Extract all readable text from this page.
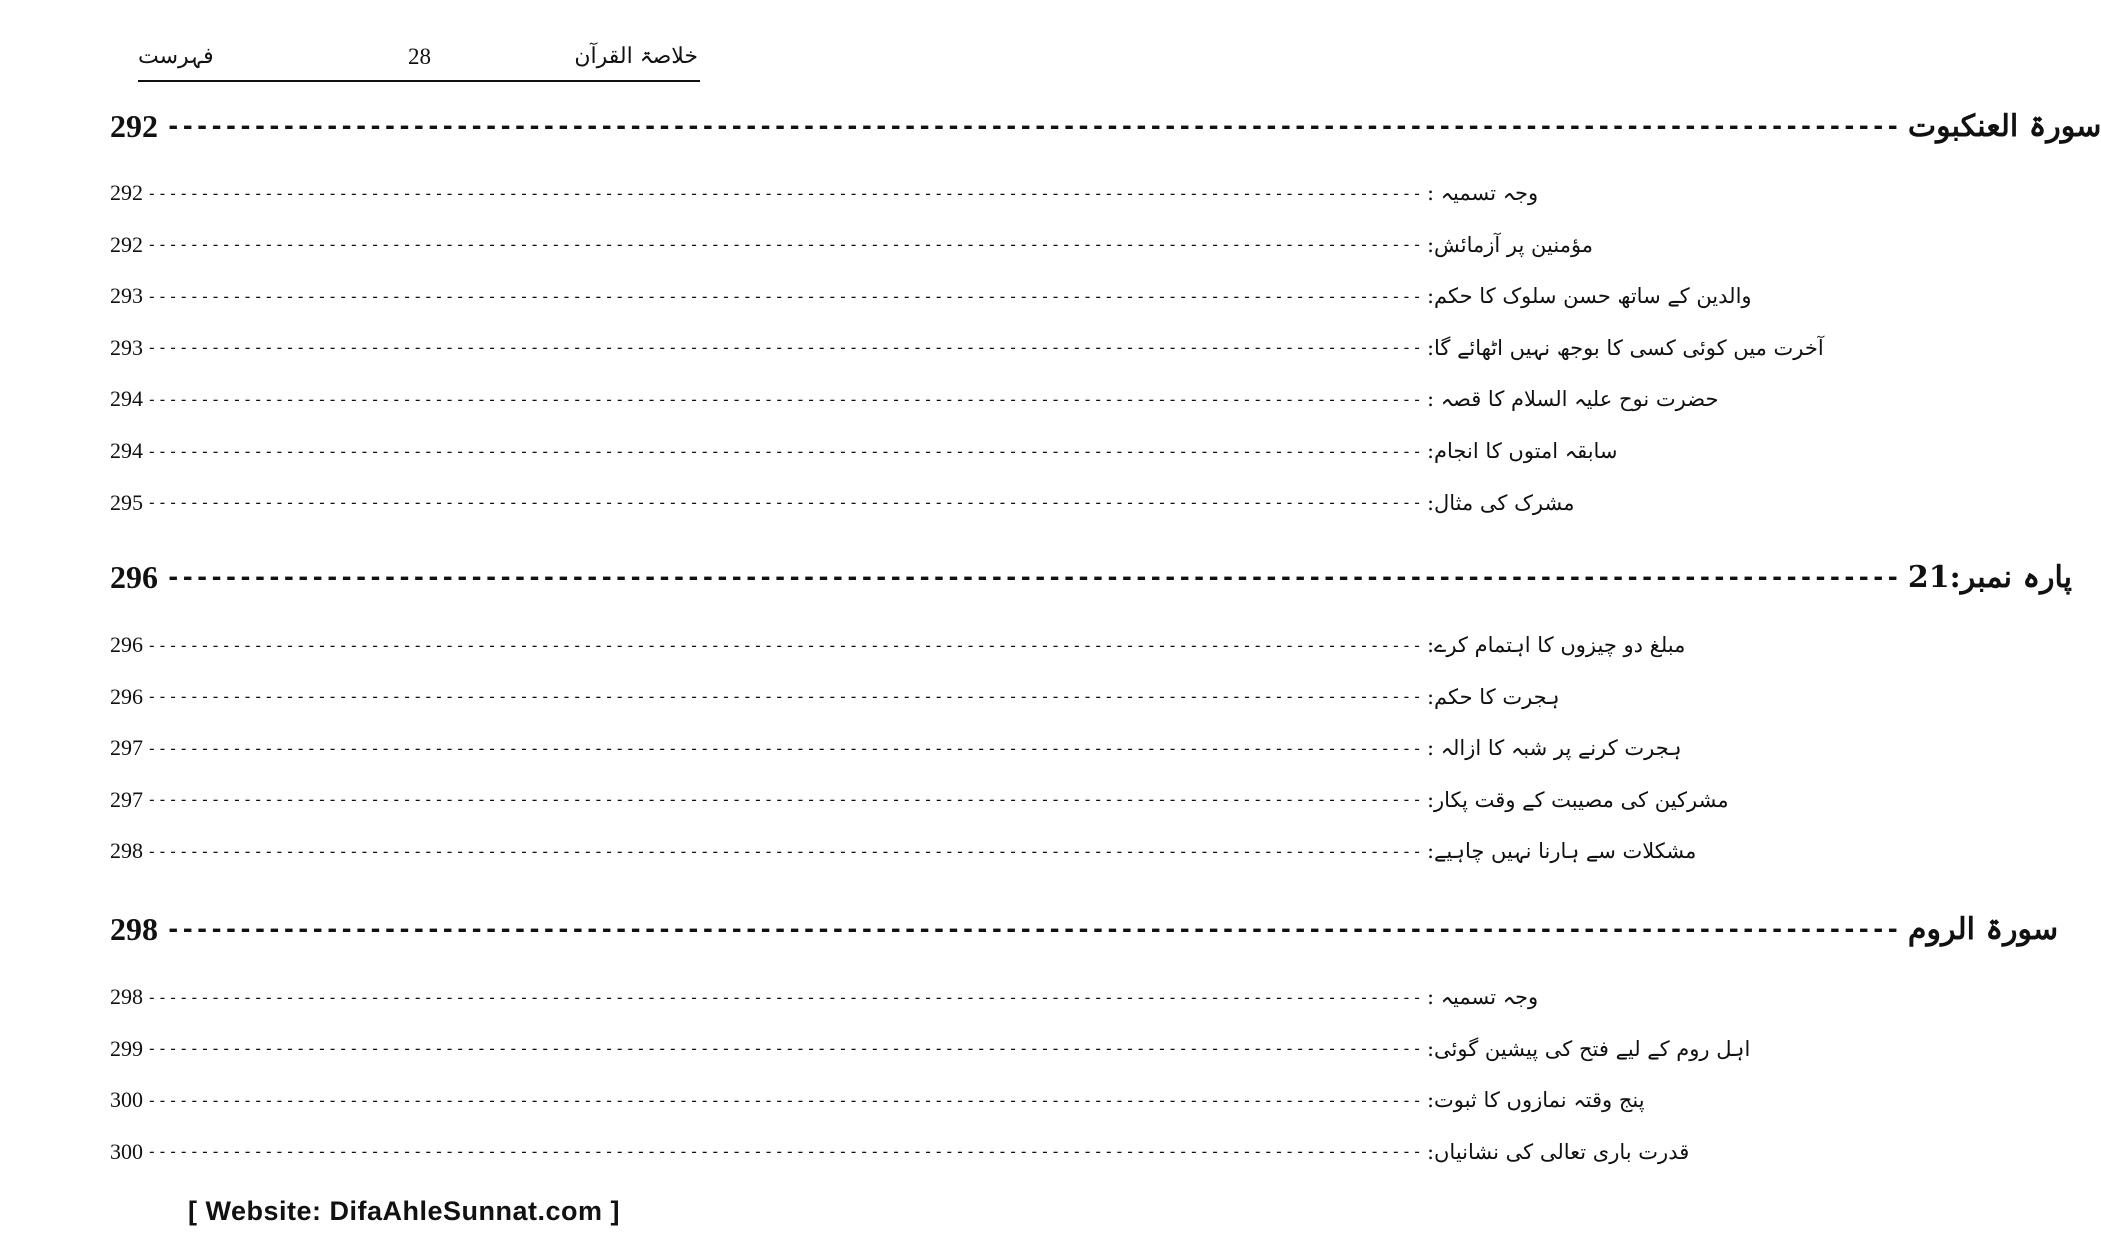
خلاصۃ القرآن
28
فہرست
292 ------------------------------------------------------------------------------------------------------------------------ سورۃ العنکبوت
292 ------------------------------------------------------------------------------------------------------------------------ وجہ تسمیہ :
292 ------------------------------------------------------------------------------------------------------------------------ مؤمنین پر آزمائش:
293 ------------------------------------------------------------------------------------------------------------------------ والدین کے ساتھ حسن سلوک کا حکم:
293 ------------------------------------------------------------------------------------------------------------------------ آخرت میں کوئی کسی کا بوجھ نہیں اٹھائے گا:
294 ------------------------------------------------------------------------------------------------------------------------ حضرت نوح علیہ السلام کا قصہ :
294 ------------------------------------------------------------------------------------------------------------------------ سابقہ امتوں کا انجام:
295 ------------------------------------------------------------------------------------------------------------------------ مشرک کی مثال:
296 ------------------------------------------------------------------------------------------------------------------------ پارہ نمبر:21
296 ------------------------------------------------------------------------------------------------------------------------ مبلغ دو چیزوں کا اہتمام کرے:
296 ------------------------------------------------------------------------------------------------------------------------ ہجرت کا حکم:
297 ------------------------------------------------------------------------------------------------------------------------ ہجرت کرنے پر شبہ کا ازالہ :
297 ------------------------------------------------------------------------------------------------------------------------ مشرکین کی مصیبت کے وقت پکار:
298 ------------------------------------------------------------------------------------------------------------------------ مشکلات سے ہارنا نہیں چاہیے:
298 ------------------------------------------------------------------------------------------------------------------------ سورۃ الروم
298 ------------------------------------------------------------------------------------------------------------------------ وجہ تسمیہ :
299 ------------------------------------------------------------------------------------------------------------------------ اہل روم کے لیے فتح کی پیشین گوئی:
300 ------------------------------------------------------------------------------------------------------------------------ پنج وقتہ نمازوں کا ثبوت:
300 ------------------------------------------------------------------------------------------------------------------------ قدرت باری تعالی کی نشانیاں:
[ Website: DifaAhleSunnat.com ]
